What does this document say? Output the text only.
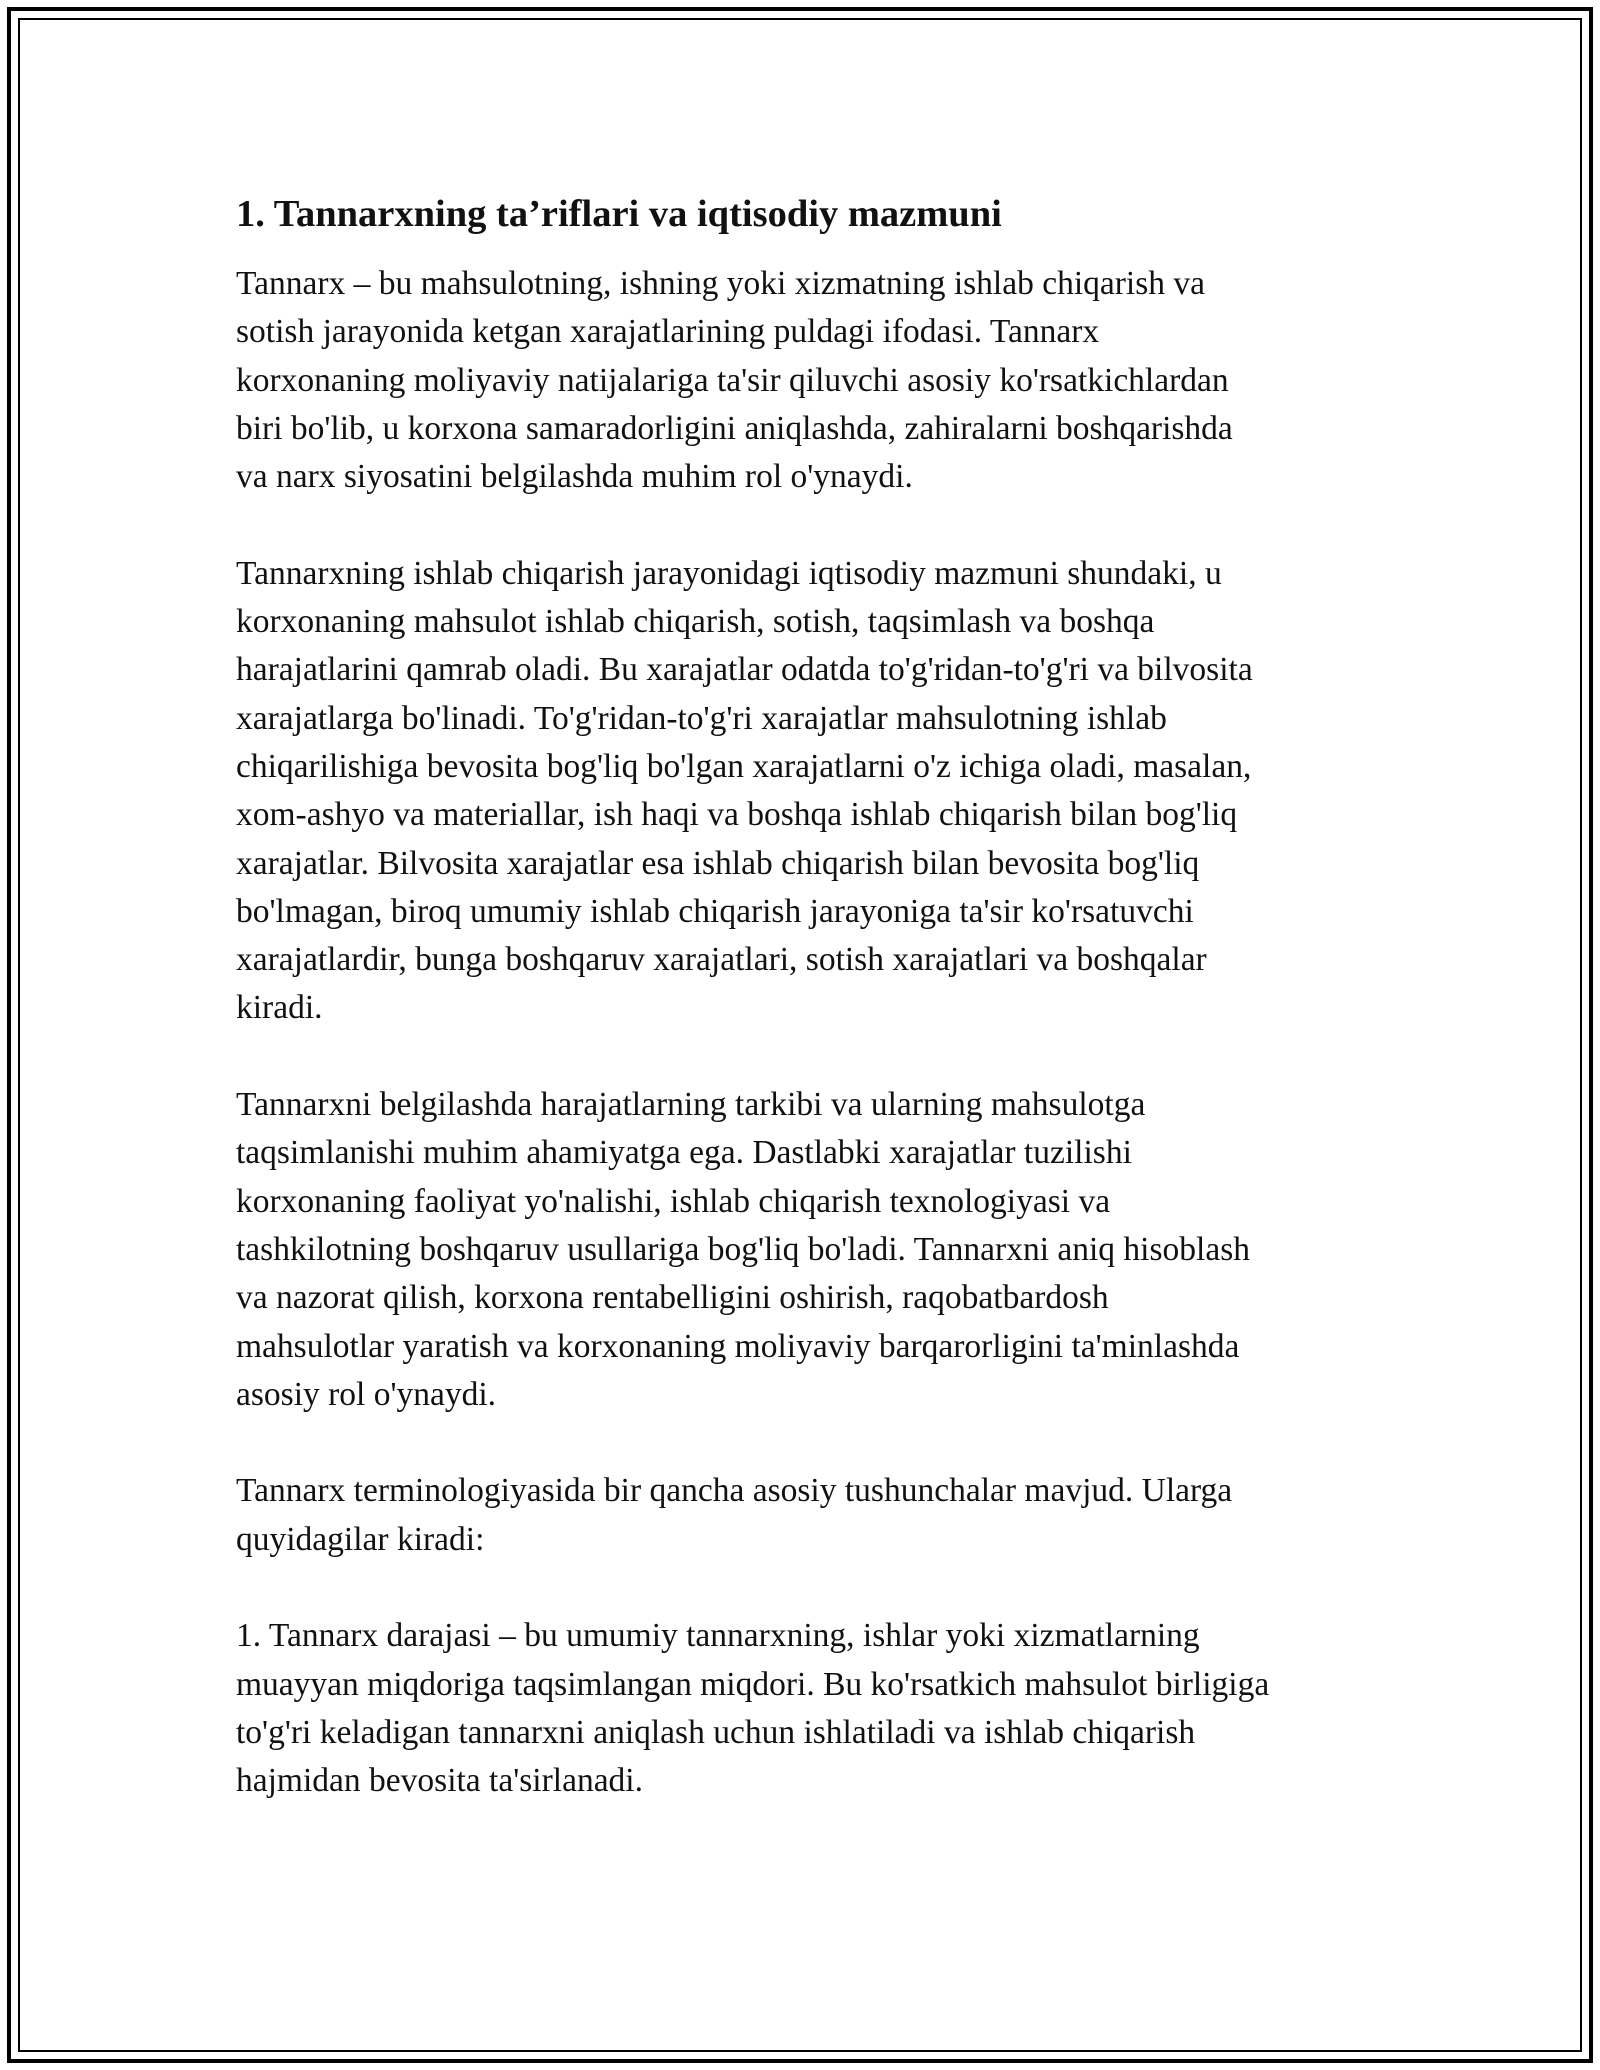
1. Tannarxning ta’riflari va iqtisodiy mazmuni

Tannarx – bu mahsulotning, ishning yoki xizmatning ishlab chiqarish va
sotish jarayonida ketgan xarajatlarining puldagi ifodasi. Tannarx
korxonaning moliyaviy natijalariga ta'sir qiluvchi asosiy ko'rsatkichlardan
biri bo'lib, u korxona samaradorligini aniqlashda, zahiralarni boshqarishda
va narx siyosatini belgilashda muhim rol o'ynaydi.

Tannarxning ishlab chiqarish jarayonidagi iqtisodiy mazmuni shundaki, u
korxonaning mahsulot ishlab chiqarish, sotish, taqsimlash va boshqa
harajatlarini qamrab oladi. Bu xarajatlar odatda to'g'ridan-to'g'ri va bilvosita
xarajatlarga bo'linadi. To'g'ridan-to'g'ri xarajatlar mahsulotning ishlab
chiqarilishiga bevosita bog'liq bo'lgan xarajatlarni o'z ichiga oladi, masalan,
xom-ashyo va materiallar, ish haqi va boshqa ishlab chiqarish bilan bog'liq
xarajatlar. Bilvosita xarajatlar esa ishlab chiqarish bilan bevosita bog'liq
bo'lmagan, biroq umumiy ishlab chiqarish jarayoniga ta'sir ko'rsatuvchi
xarajatlardir, bunga boshqaruv xarajatlari, sotish xarajatlari va boshqalar
kiradi.

Tannarxni belgilashda harajatlarning tarkibi va ularning mahsulotga
taqsimlanishi muhim ahamiyatga ega. Dastlabki xarajatlar tuzilishi
korxonaning faoliyat yo'nalishi, ishlab chiqarish texnologiyasi va
tashkilotning boshqaruv usullariga bog'liq bo'ladi. Tannarxni aniq hisoblash
va nazorat qilish, korxona rentabelligini oshirish, raqobatbardosh
mahsulotlar yaratish va korxonaning moliyaviy barqarorligini ta'minlashda
asosiy rol o'ynaydi.

Tannarx terminologiyasida bir qancha asosiy tushunchalar mavjud. Ularga
quyidagilar kiradi:

1. Tannarx darajasi – bu umumiy tannarxning, ishlar yoki xizmatlarning
muayyan miqdoriga taqsimlangan miqdori. Bu ko'rsatkich mahsulot birligiga
to'g'ri keladigan tannarxni aniqlash uchun ishlatiladi va ishlab chiqarish
hajmidan bevosita ta'sirlanadi.
